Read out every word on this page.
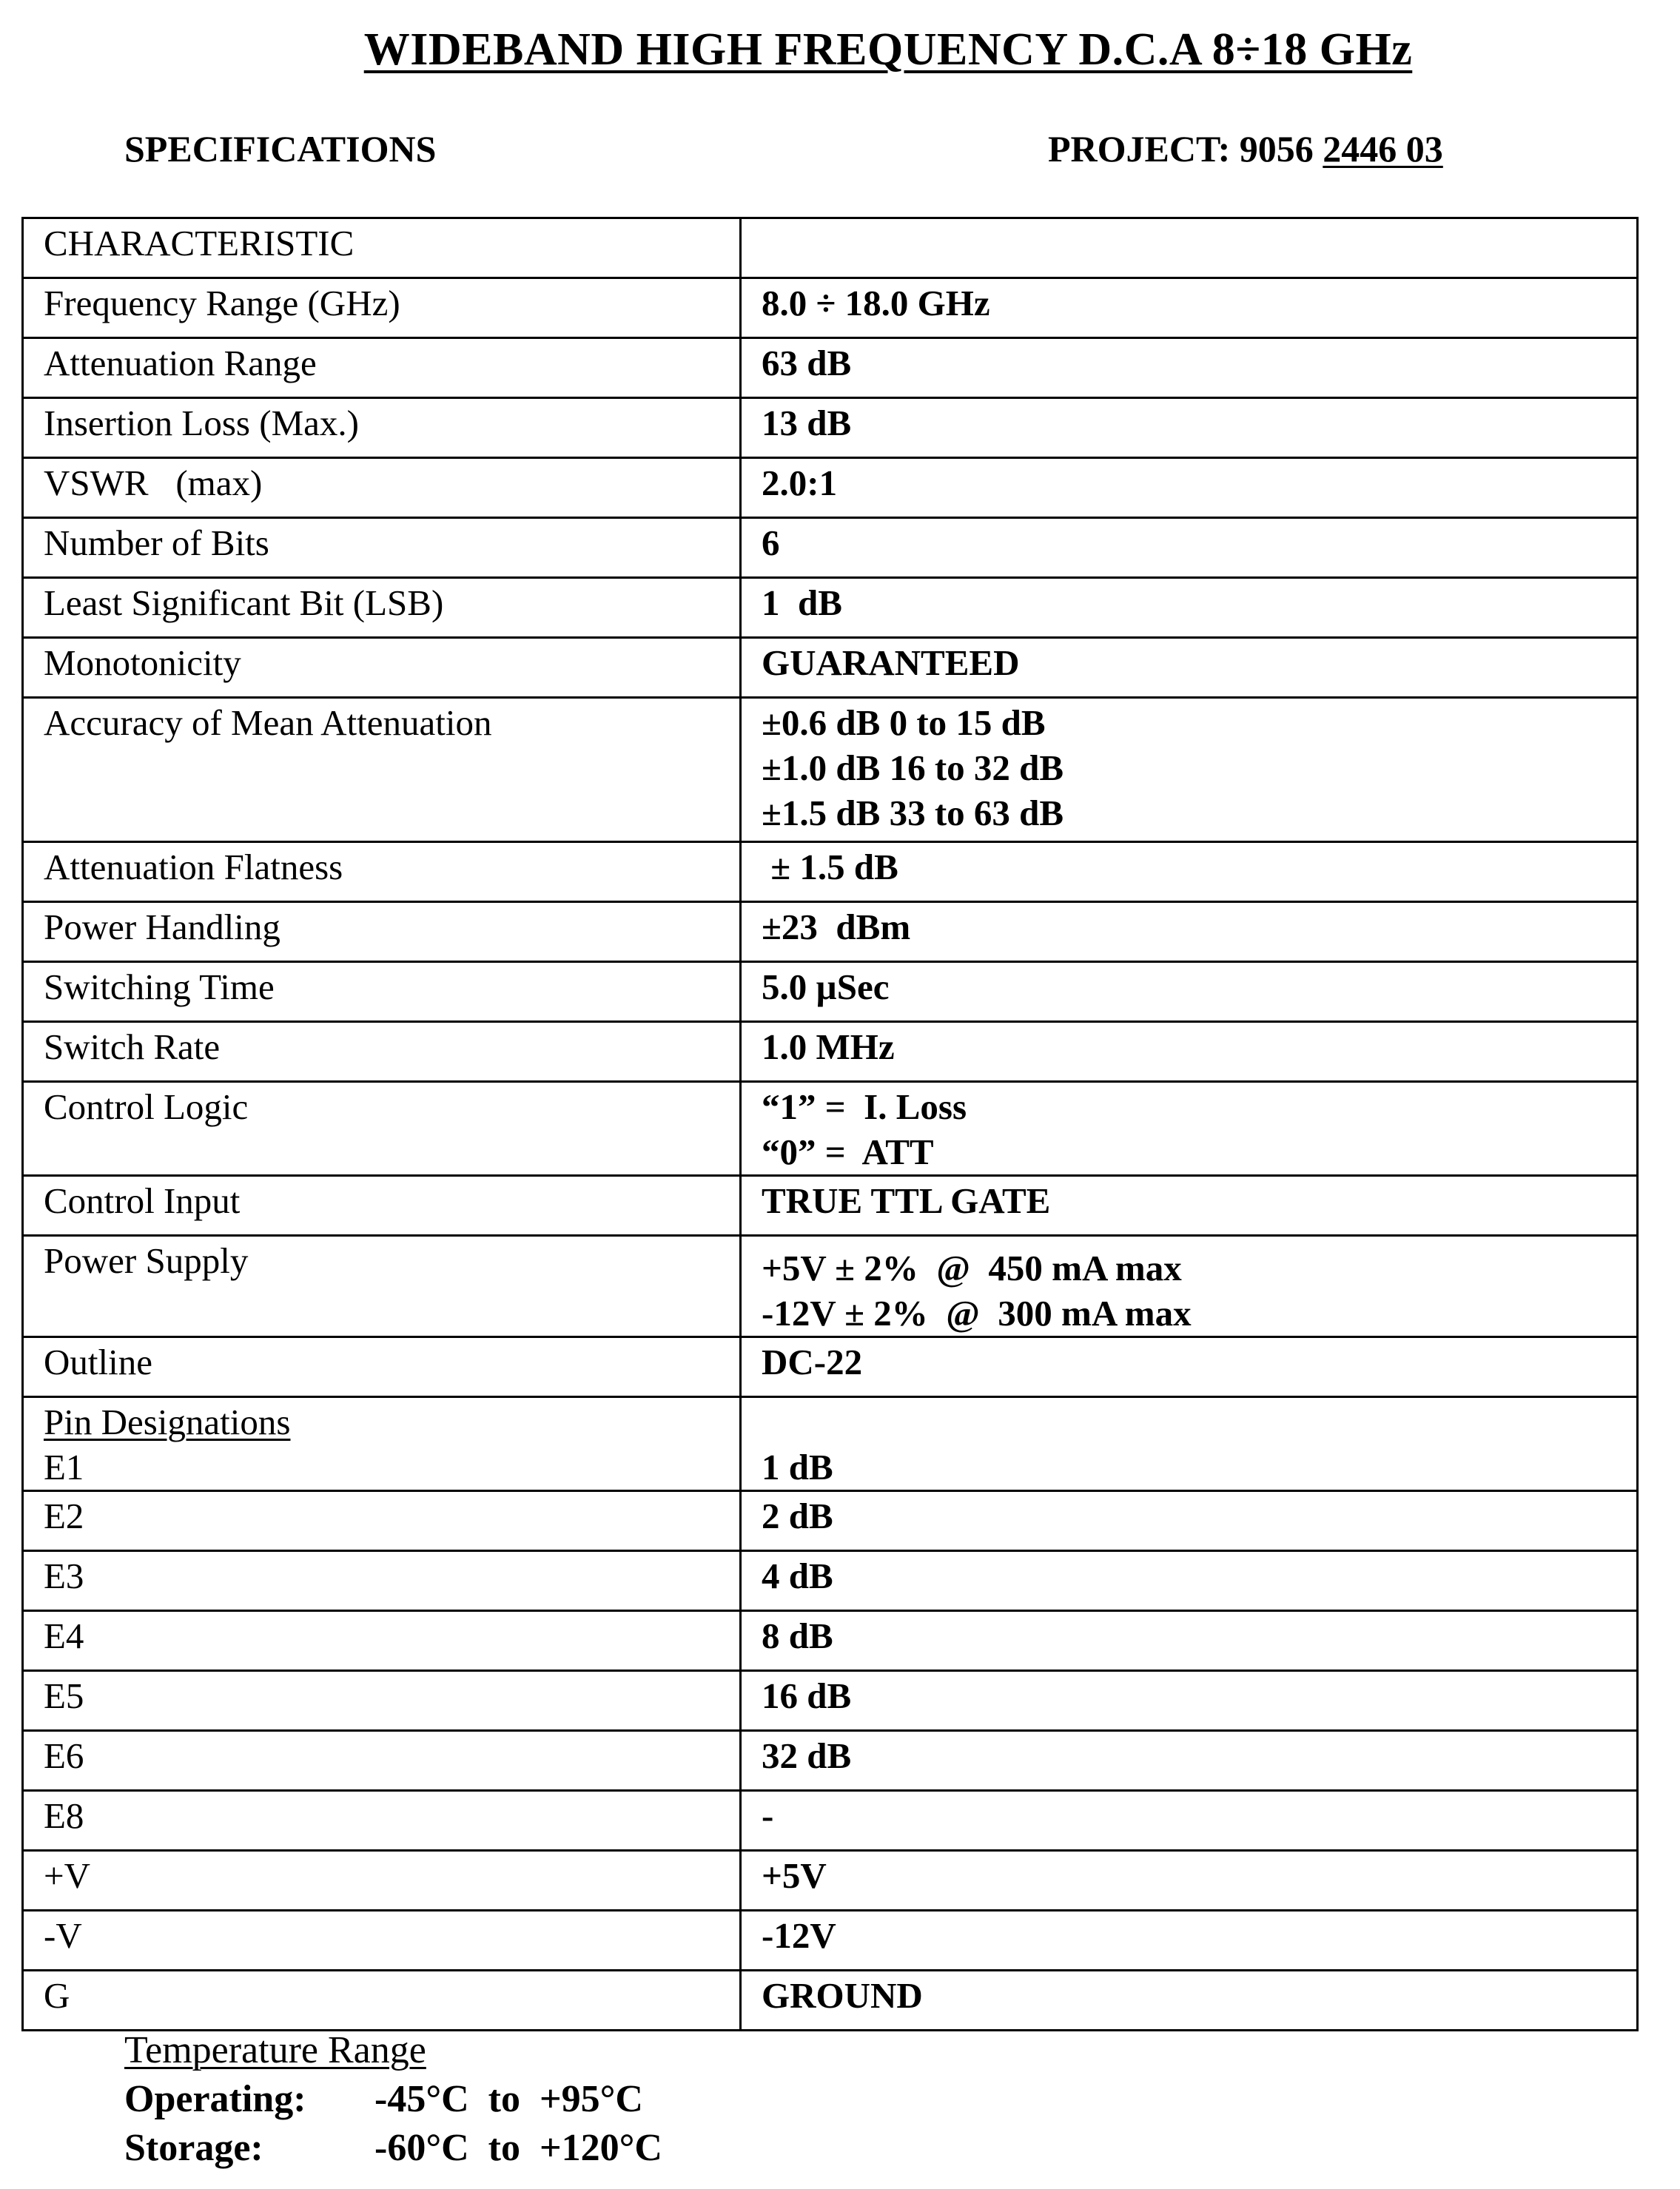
WIDEBAND HIGH FREQUENCY D.C.A 8÷18 GHz
SPECIFICATIONS	PROJECT: 9056 2446 03
CHARACTERISTIC	
Frequency Range (GHz)	8.0 ÷ 18.0 GHz
Attenuation Range	63 dB
Insertion Loss (Max.)	13 dB
VSWR   (max)	2.0:1
Number of Bits	6
Least Significant Bit (LSB)	1  dB
Monotonicity	GUARANTEED
Accuracy of Mean Attenuation	±0.6 dB 0 to 15 dB
±1.0 dB 16 to 32 dB
±1.5 dB 33 to 63 dB

Attenuation Flatness	± 1.5 dB
Power Handling	±23  dBm
Switching Time	5.0 µSec
Switch Rate	1.0 MHz
Control Logic	“1” =  I. Loss
“0” =  ATT

Control Input	TRUE TTL GATE
Power Supply	+5V ± 2%  @  450 mA max
-12V ± 2%  @  300 mA max

Outline	DC-22

Pin Designations
E1	1 dB

E2	2 dB
E3	4 dB
E4	8 dB
E5	16 dB
E6	32 dB
E8	-
+V	+5V
-V	-12V
G	GROUND
Temperature Range
Operating: -45°C  to  +95°C
Storage:	-60°C  to  +120°C
